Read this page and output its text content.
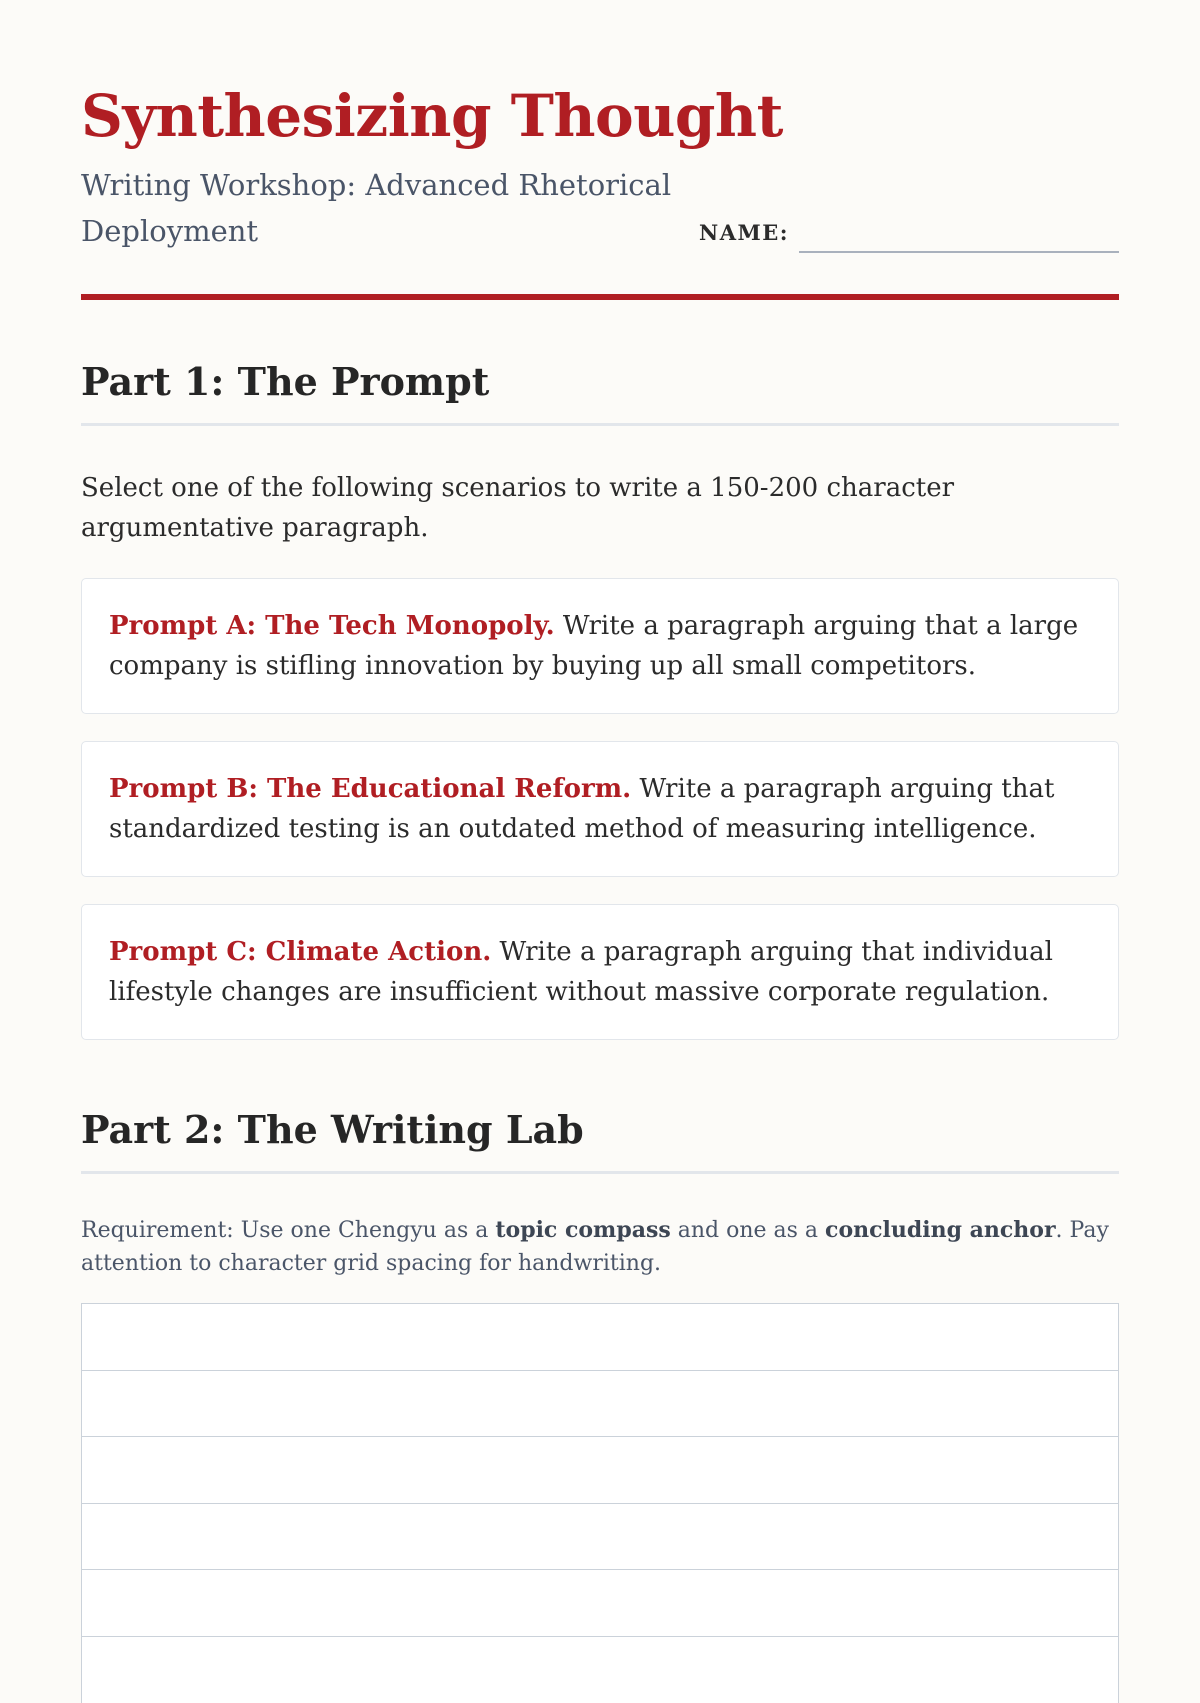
Synthesizing Thought

Writing Workshop: Advanced Rhetorical Deployment	NAME:
Part 1: The Prompt

Select one of the following scenarios to write a 150-200 character argumentative paragraph.

Prompt A: The Tech Monopoly. Write a paragraph arguing that a large company is stifling innovation by buying up all small competitors.
Prompt B: The Educational Reform. Write a paragraph arguing that standardized testing is an outdated method of measuring intelligence.
Prompt C: Climate Action. Write a paragraph arguing that individual lifestyle changes are insufficient without massive corporate regulation.
Part 2: The Writing Lab

Requirement: Use one Chengyu as a topic compass and one as a concluding anchor. Pay attention to character grid spacing for handwriting.
